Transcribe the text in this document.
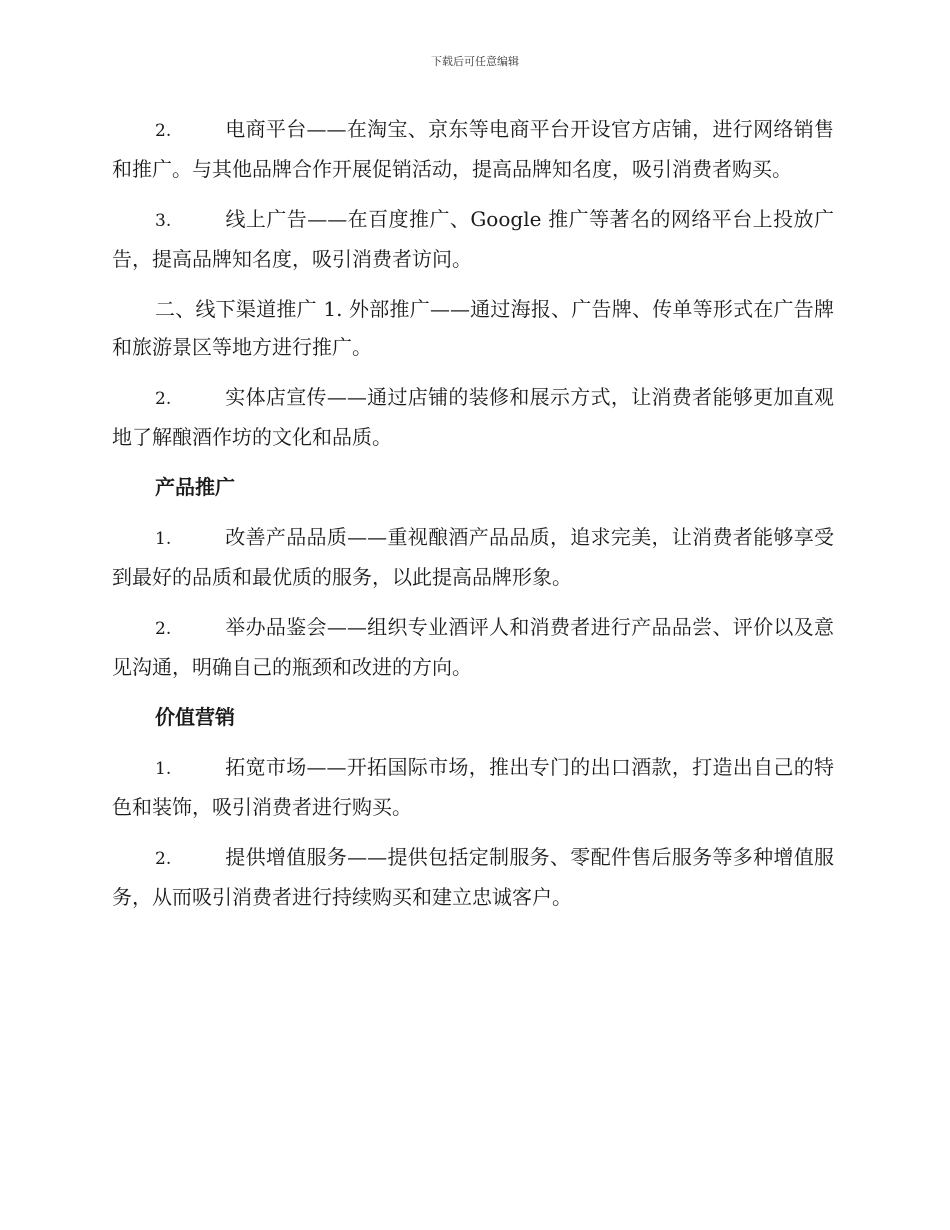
下载后可任意编辑

2.	电商平台——在淘宝、京东等电商平台开设官方店铺，进行网络销售和推广。与其他品牌合作开展促销活动，提高品牌知名度，吸引消费者购买。

3.	线上广告——在百度推广、Google 推广等著名的网络平台上投放广告，提高品牌知名度，吸引消费者访问。

二、线下渠道推广 1. 外部推广——通过海报、广告牌、传单等形式在广告牌和旅游景区等地方进行推广。

2.	实体店宣传——通过店铺的装修和展示方式，让消费者能够更加直观地了解酿酒作坊的文化和品质。

产品推广

1.	改善产品品质——重视酿酒产品品质，追求完美，让消费者能够享受到最好的品质和最优质的服务，以此提高品牌形象。

2.	举办品鉴会——组织专业酒评人和消费者进行产品品尝、评价以及意见沟通，明确自己的瓶颈和改进的方向。

价值营销

1.	拓宽市场——开拓国际市场，推出专门的出口酒款，打造出自己的特色和装饰，吸引消费者进行购买。

2.	提供增值服务——提供包括定制服务、零配件售后服务等多种增值服务，从而吸引消费者进行持续购买和建立忠诚客户。
